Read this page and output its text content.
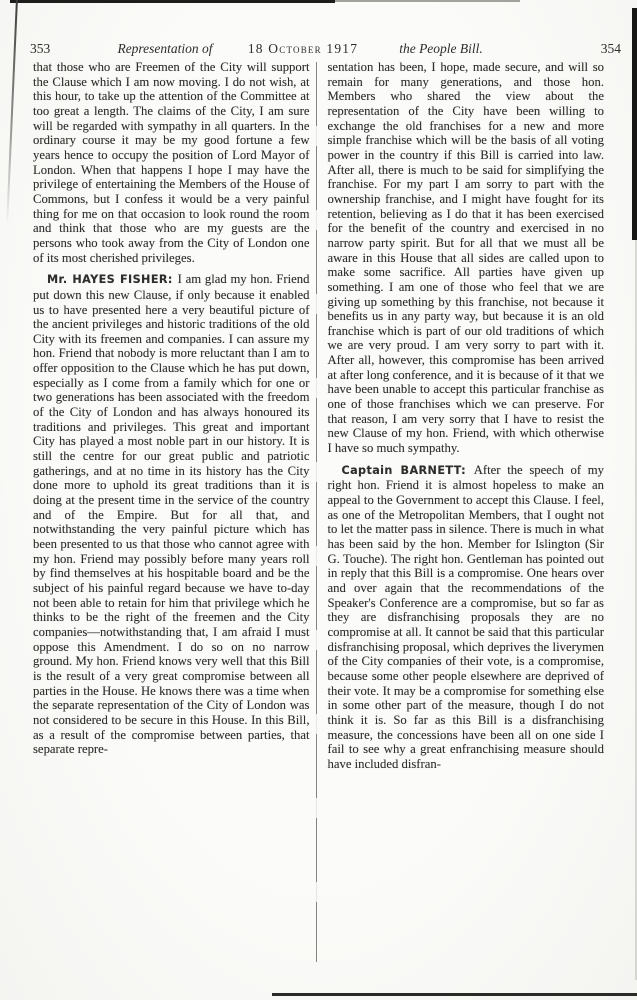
353	Representation of	18 October 1917	the People Bill.	354

that those who are Freemen of the City will support the Clause which I am now moving. I do not wish, at this hour, to take up the attention of the Committee at too great a length. The claims of the City, I am sure will be regarded with sympathy in all quarters. In the ordinary course it may be my good fortune a few years hence to occupy the position of Lord Mayor of London. When that happens I hope I may have the privilege of entertaining the Members of the House of Commons, but I confess it would be a very painful thing for me on that occasion to look round the room and think that those who are my guests are the persons who took away from the City of London one of its most cherished privileges.

Mr. HAYES FISHER: I am glad my hon. Friend put down this new Clause, if only because it enabled us to have presented here a very beautiful picture of the ancient privileges and historic traditions of the old City with its freemen and companies. I can assure my hon. Friend that nobody is more reluctant than I am to offer opposition to the Clause which he has put down, especially as I come from a family which for one or two generations has been associated with the freedom of the City of London and has always honoured its traditions and privileges. This great and important City has played a most noble part in our history. It is still the centre for our great public and patriotic gatherings, and at no time in its history has the City done more to uphold its great traditions than it is doing at the present time in the service of the country and of the Empire. But for all that, and notwithstanding the very painful picture which has been presented to us that those who cannot agree with my hon. Friend may possibly before many years roll by find themselves at his hospitable board and be the subject of his painful regard because we have to-day not been able to retain for him that privilege which he thinks to be the right of the freemen and the City companies—notwithstanding that, I am afraid I must oppose this Amendment. I do so on no narrow ground. My hon. Friend knows very well that this Bill is the result of a very great compromise between all parties in the House. He knows there was a time when the separate representation of the City of London was not considered to be secure in this House. In this Bill, as a result of the compromise between parties, that separate repre-

sentation has been, I hope, made secure, and will so remain for many generations, and those hon. Members who shared the view about the representation of the City have been willing to exchange the old franchises for a new and more simple franchise which will be the basis of all voting power in the country if this Bill is carried into law. After all, there is much to be said for simplifying the franchise. For my part I am sorry to part with the ownership franchise, and I might have fought for its retention, believing as I do that it has been exercised for the benefit of the country and exercised in no narrow party spirit. But for all that we must all be aware in this House that all sides are called upon to make some sacrifice. All parties have given up something. I am one of those who feel that we are giving up something by this franchise, not because it benefits us in any party way, but because it is an old franchise which is part of our old traditions of which we are very proud. I am very sorry to part with it. After all, however, this compromise has been arrived at after long conference, and it is because of it that we have been unable to accept this particular franchise as one of those franchises which we can preserve. For that reason, I am very sorry that I have to resist the new Clause of my hon. Friend, with which otherwise I have so much sympathy.

Captain BARNETT: After the speech of my right hon. Friend it is almost hopeless to make an appeal to the Government to accept this Clause. I feel, as one of the Metropolitan Members, that I ought not to let the matter pass in silence. There is much in what has been said by the hon. Member for Islington (Sir G. Touche). The right hon. Gentleman has pointed out in reply that this Bill is a compromise. One hears over and over again that the recommendations of the Speaker's Conference are a compromise, but so far as they are disfranchising proposals they are no compromise at all. It cannot be said that this particular disfranchising proposal, which deprives the liverymen of the City companies of their vote, is a compromise, because some other people elsewhere are deprived of their vote. It may be a compromise for something else in some other part of the measure, though I do not think it is. So far as this Bill is a disfranchising measure, the concessions have been all on one side I fail to see why a great enfranchising measure should have included disfran-
